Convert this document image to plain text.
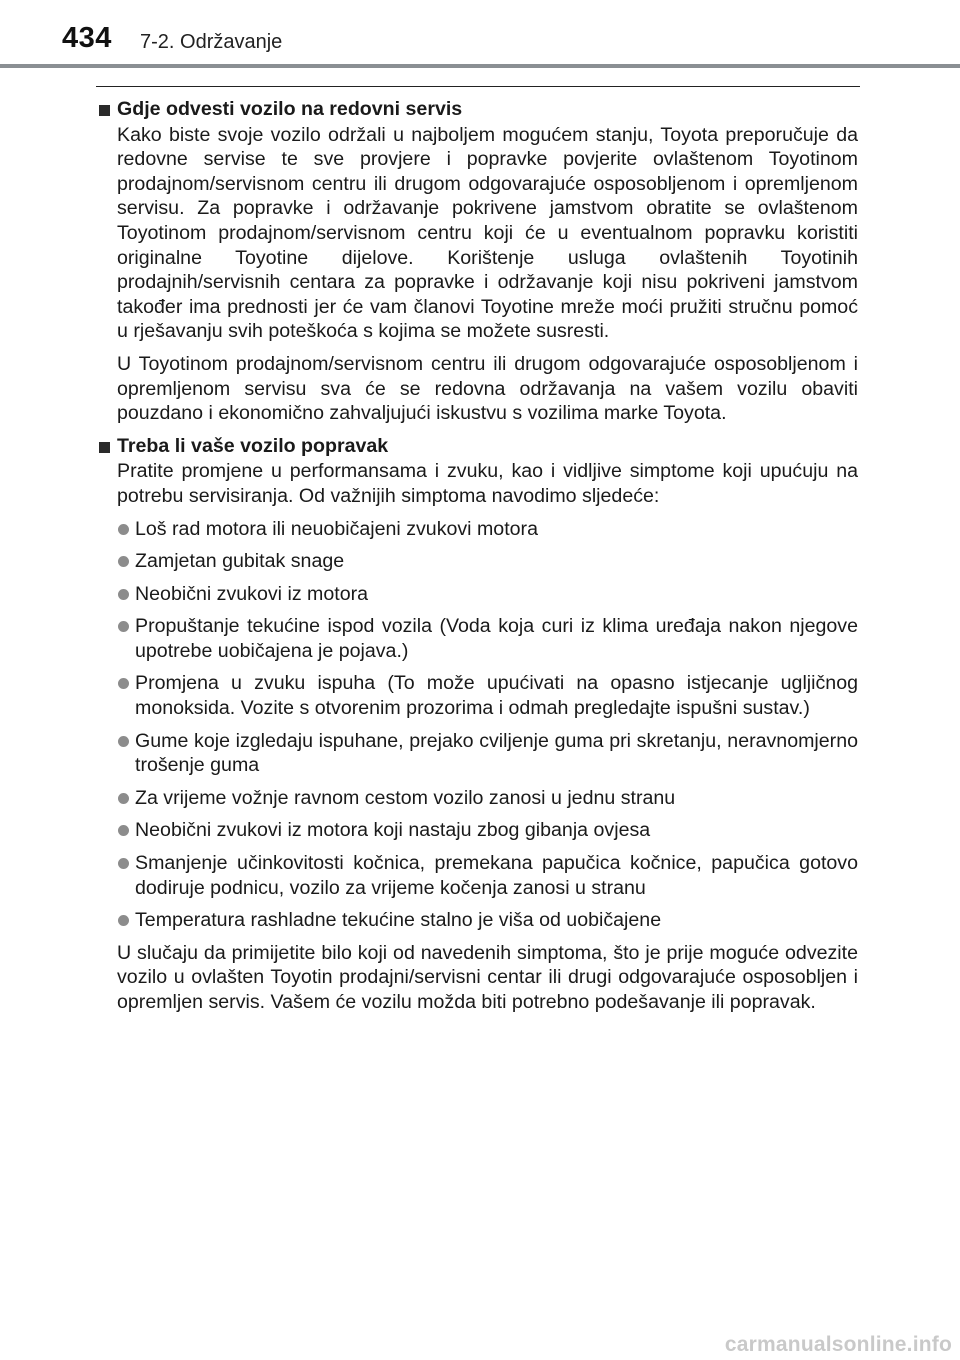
434 7-2. Održavanje
Gdje odvesti vozilo na redovni servis

Kako biste svoje vozilo održali u najboljem mogućem stanju, Toyota preporučuje da redovne servise te sve provjere i popravke povjerite ovlaštenom Toyotinom prodajnom/servisnom centru ili drugom odgovarajuće osposobljenom i opremljenom servisu. Za popravke i održavanje pokrivene jamstvom obratite se ovlaštenom Toyotinom prodajnom/servisnom centru koji će u eventualnom popravku koristiti originalne Toyotine dijelove. Korištenje usluga ovlaštenih Toyotinih prodajnih/servisnih centara za popravke i održavanje koji nisu pokriveni jamstvom također ima prednosti jer će vam članovi Toyotine mreže moći pružiti stručnu pomoć u rješavanju svih poteškoća s kojima se možete susresti.

U Toyotinom prodajnom/servisnom centru ili drugom odgovarajuće osposobljenom i opremljenom servisu sva će se redovna održavanja na vašem vozilu obaviti pouzdano i ekonomično zahvaljujući iskustvu s vozilima marke Toyota.

Treba li vaše vozilo popravak

Pratite promjene u performansama i zvuku, kao i vidljive simptome koji upućuju na potrebu servisiranja. Od važnijih simptoma navodimo sljedeće:

Loš rad motora ili neuobičajeni zvukovi motora
Zamjetan gubitak snage
Neobični zvukovi iz motora
Propuštanje tekućine ispod vozila (Voda koja curi iz klima uređaja nakon njegove upotrebe uobičajena je pojava.)
Promjena u zvuku ispuha (To može upućivati na opasno istjecanje ugljičnog monoksida. Vozite s otvorenim prozorima i odmah pregledajte ispušni sustav.)
Gume koje izgledaju ispuhane, prejako cviljenje guma pri skretanju, neravnomjerno trošenje guma
Za vrijeme vožnje ravnom cestom vozilo zanosi u jednu stranu
Neobični zvukovi iz motora koji nastaju zbog gibanja ovjesa
Smanjenje učinkovitosti kočnica, premekana papučica kočnice, papučica gotovo dodiruje podnicu, vozilo za vrijeme kočenja zanosi u stranu
Temperatura rashladne tekućine stalno je viša od uobičajene

U slučaju da primijetite bilo koji od navedenih simptoma, što je prije moguće odvezite vozilo u ovlašten Toyotin prodajni/servisni centar ili drugi odgovarajuće osposobljen i opremljen servis. Vašem će vozilu možda biti potrebno podešavanje ili popravak.

carmanualsonline.info
